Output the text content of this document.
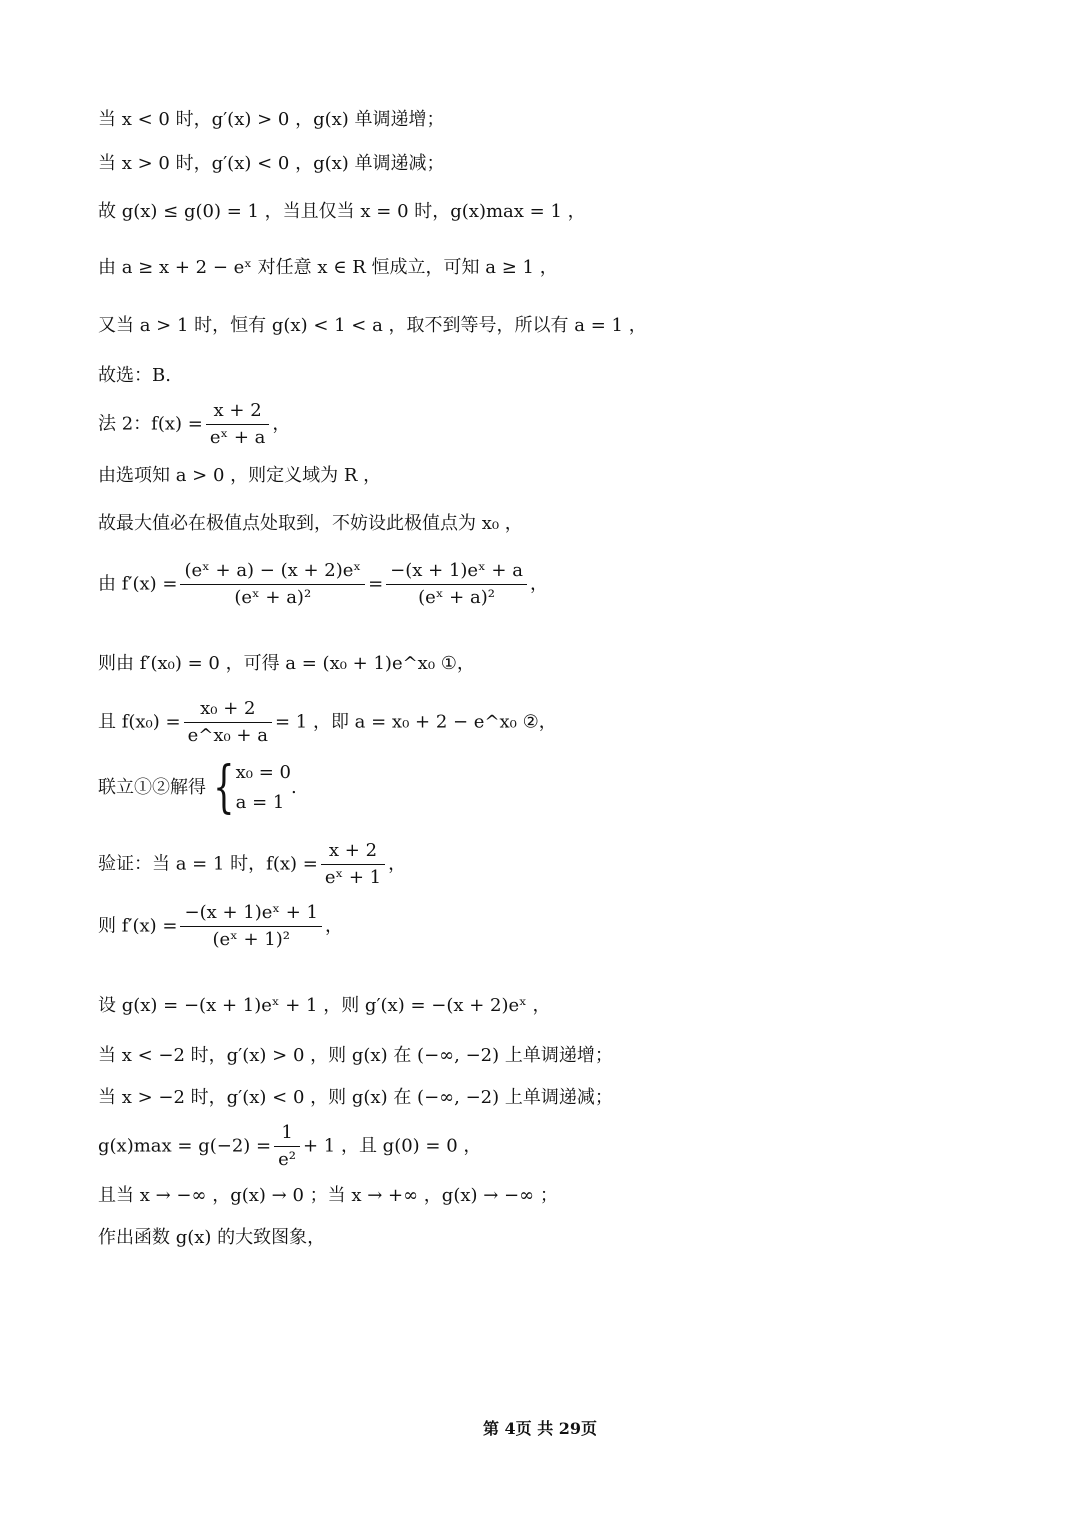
当 x < 0 时，g′(x) > 0 ，g(x) 单调递增；
当 x > 0 时，g′(x) < 0 ，g(x) 单调递减；
故 g(x) ≤ g(0) = 1 ，当且仅当 x = 0 时，g(x)max = 1 ，
由 a ≥ x + 2 − eˣ 对任意 x ∈ R 恒成立，可知 a ≥ 1 ，
又当 a > 1 时，恒有 g(x) < 1 < a ，取不到等号，所以有 a = 1 ，
故选：B.
法 2：$f(x) = \frac{x + 2}{\text{eˣ + a}}$ ，
由选项知 a > 0 ，则定义域为 R ，
故最大值必在极值点处取到，不妨设此极值点为 x₀ ，
由 $f'(x) = \frac{\text{(eˣ + a) − (x + 2)eˣ}}{\text{(eˣ + a)²}} = \frac{\text{−(x + 1)eˣ + a}}{\text{(eˣ + a)²}}$ ，
则由 f′(x₀) = 0 ，可得 a = (x₀ + 1)e^x₀ ①，
且 $f(x_0) = \frac{\text{x₀ + 2}}{\text{e\textasciicircum{}x₀ + a}} = 1$ ，即 a = x₀ + 2 − e^x₀ ②，
联立①②解得 { x₀ = 0
a = 1
.
验证：当 a = 1 时，$f(x) = \frac{x + 2}{\text{eˣ + 1}}$ ，
则 $f'(x) = \frac{\text{−(x + 1)eˣ + 1}}{\text{(eˣ + 1)²}}$ ，
设 g(x) = −(x + 1)eˣ + 1 ，则 g′(x) = −(x + 2)eˣ ，
当 x < −2 时，g′(x) > 0 ，则 g(x) 在 (−∞, −2) 上单调递增；
当 x > −2 时，g′(x) < 0 ，则 g(x) 在 (−∞, −2) 上单调递减；
$g(x)\max = g(-2) = \frac{1}{\text{e²}} + 1$ ，且 g(0) = 0 ，
且当 x → −∞ ，g(x) → 0 ；当 x → +∞ ，g(x) → −∞ ；
作出函数 g(x) 的大致图象，
第 4页 共 29页
